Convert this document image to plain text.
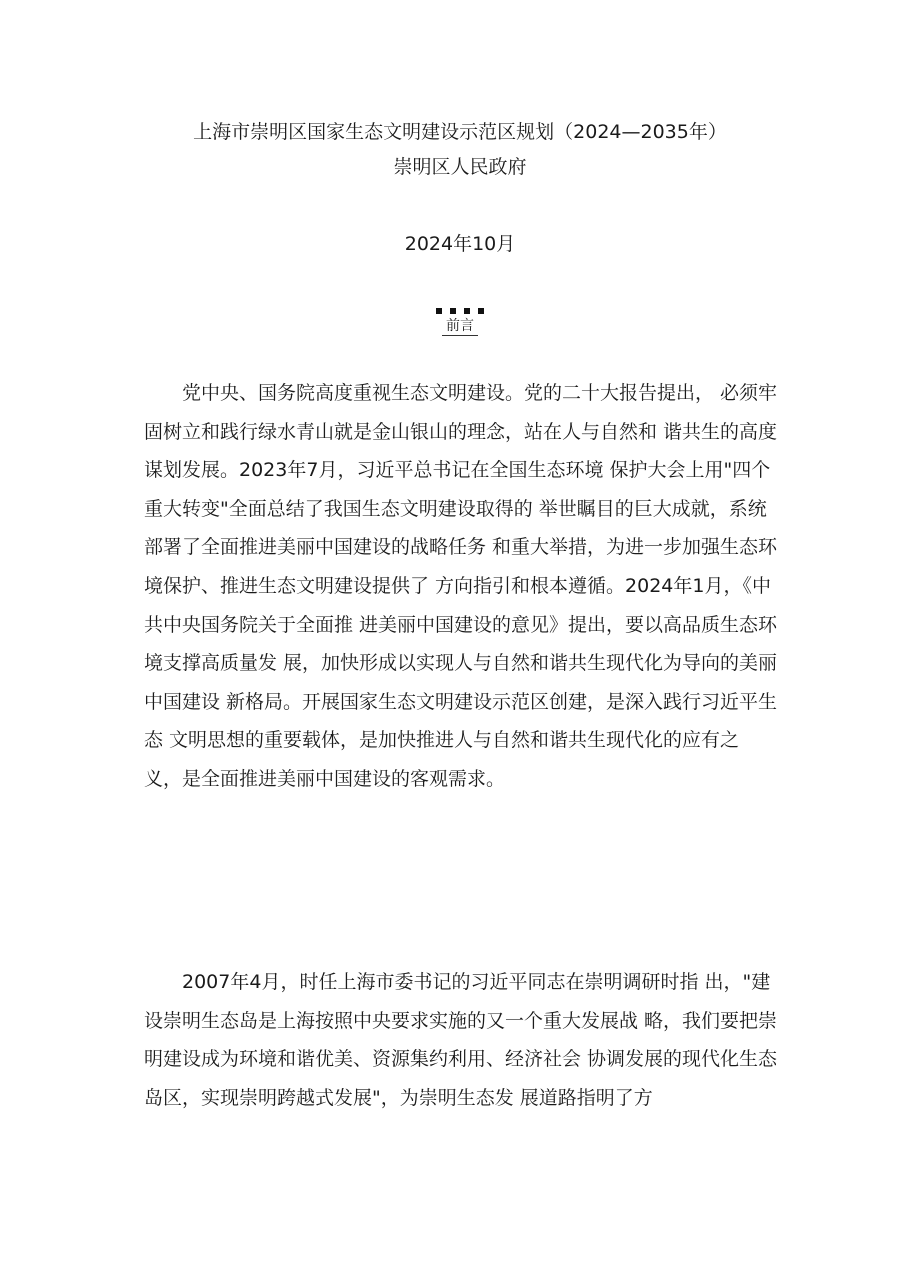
上海市崇明区国家生态文明建设示范区规划（2024—2035年）
崇明区人民政府
2024年10月
前言

党中央、国务院高度重视生态文明建设。党的二十大报告提出， 必须牢固树立和践行绿水青山就是金山银山的理念，站在人与自然和 谐共生的高度谋划发展。2023年7月，习近平总书记在全国生态环境 保护大会上用"四个重大转变"全面总结了我国生态文明建设取得的 举世瞩目的巨大成就，系统部署了全面推进美丽中国建设的战略任务 和重大举措，为进一步加强生态环境保护、推进生态文明建设提供了 方向指引和根本遵循。2024年1月，《中共中央国务院关于全面推 进美丽中国建设的意见》提出，要以高品质生态环境支撑高质量发 展，加快形成以实现人与自然和谐共生现代化为导向的美丽中国建设 新格局。开展国家生态文明建设示范区创建，是深入践行习近平生态 文明思想的重要载体，是加快推进人与自然和谐共生现代化的应有之 义，是全面推进美丽中国建设的客观需求。

2007年4月，时任上海市委书记的习近平同志在崇明调研时指 出，"建设崇明生态岛是上海按照中央要求实施的又一个重大发展战 略，我们要把崇明建设成为环境和谐优美、资源集约利用、经济社会 协调发展的现代化生态岛区，实现崇明跨越式发展"，为崇明生态发 展道路指明了方
